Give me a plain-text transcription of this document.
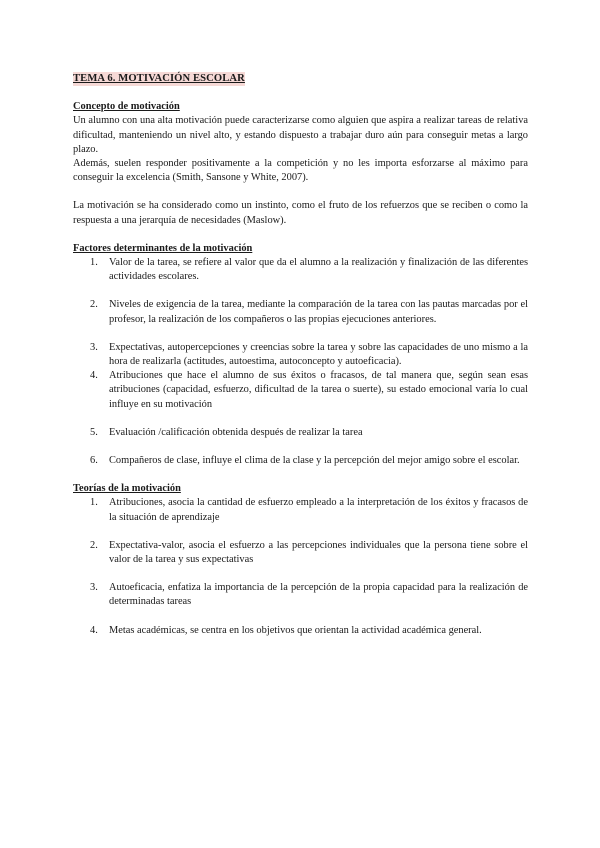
TEMA 6. MOTIVACIÓN ESCOLAR
Concepto de motivación

Un alumno con una alta motivación puede caracterizarse como alguien que aspira a realizar tareas de relativa dificultad, manteniendo un nivel alto, y estando dispuesto a trabajar duro aún para conseguir metas a largo plazo.

Además, suelen responder positivamente a la competición y no les importa esforzarse al máximo para conseguir la excelencia (Smith, Sansone y White, 2007).

La motivación se ha considerado como un instinto, como el fruto de los refuerzos que se reciben o como la respuesta a una jerarquía de necesidades (Maslow).

Factores determinantes de la motivación
1. Valor de la tarea, se refiere al valor que da el alumno a la realización y finalización de las diferentes actividades escolares.
2. Niveles de exigencia de la tarea, mediante la comparación de la tarea con las pautas marcadas por el profesor, la realización de los compañeros o las propias ejecuciones anteriores.
3. Expectativas, autopercepciones y creencias sobre la tarea y sobre las capacidades de uno mismo a la hora de realizarla (actitudes, autoestima, autoconcepto y autoeficacia).
4. Atribuciones que hace el alumno de sus éxitos o fracasos, de tal manera que, según sean esas atribuciones (capacidad, esfuerzo, dificultad de la tarea o suerte), su estado emocional varía lo cual influye en su motivación
5. Evaluación /calificación obtenida después de realizar la tarea
6. Compañeros de clase, influye el clima de la clase y la percepción del mejor amigo sobre el escolar.
Teorías de la motivación
1. Atribuciones, asocia la cantidad de esfuerzo empleado a la interpretación de los éxitos y fracasos de la situación de aprendizaje
2. Expectativa-valor, asocia el esfuerzo a las percepciones individuales que la persona tiene sobre el valor de la tarea y sus expectativas
3. Autoeficacia, enfatiza la importancia de la percepción de la propia capacidad para la realización de determinadas tareas
4. Metas académicas, se centra en los objetivos que orientan la actividad académica general.
